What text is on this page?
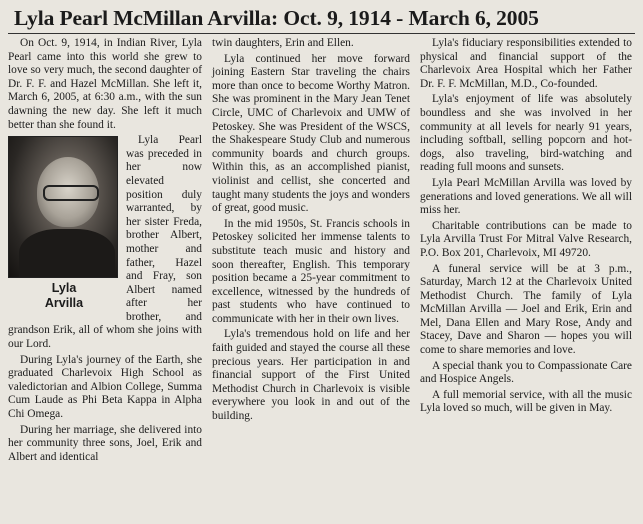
Lyla Pearl McMillan Arvilla: Oct. 9, 1914 - March 6, 2005

On Oct. 9, 1914, in Indian River, Lyla Pearl came into this world she grew to love so very much, the second daughter of Dr. F. F. and Hazel McMillan. She left it, March 6, 2005, at 6:30 a.m., with the sun dawning the new day. She left it much better than she found it.

Lyla
Arvilla

Lyla Pearl was preceded in her now elevated position duly warranted, by her sister Freda, brother Albert, mother and father, Hazel and Fray, son Albert named after her brother, and grandson Erik, all of whom she joins with our Lord.

During Lyla's journey of the Earth, she graduated Charlevoix High School as valedictorian and Albion College, Summa Cum Laude as Phi Beta Kappa in Alpha Chi Omega.

During her marriage, she delivered into her community three sons, Joel, Erik and Albert and identical

twin daughters, Erin and Ellen.

Lyla continued her move forward joining Eastern Star traveling the chairs more than once to become Worthy Matron. She was prominent in the Mary Jean Tenet Circle, UMC of Charlevoix and UMW of Petoskey. She was President of the WSCS, the Shakespeare Study Club and numerous community boards and church groups. Within this, as an accomplished pianist, violinist and cellist, she concerted and taught many students the joys and wonders of great, good music.

In the mid 1950s, St. Francis schools in Petoskey solicited her immense talents to substitute teach music and history and soon thereafter, English. This temporary position became a 25-year commitment to excellence, witnessed by the hundreds of past students who have continued to communicate with her in their own lives.

Lyla's tremendous hold on life and her faith guided and stayed the course all these precious years. Her participation in and financial support of the First United Methodist Church in Charlevoix is visible everywhere you look in and out of the building.

Lyla's fiduciary responsibilities extended to physical and financial support of the Charlevoix Area Hospital which her Father Dr. F. F. McMillan, M.D., Co-founded.

Lyla's enjoyment of life was absolutely boundless and she was involved in her community at all levels for nearly 91 years, including softball, selling popcorn and hot-dogs, also traveling, bird-watching and reading full moons and sunsets.

Lyla Pearl McMillan Arvilla was loved by generations and loved generations. We all will miss her.

Charitable contributions can be made to Lyla Arvilla Trust For Mitral Valve Research, P.O. Box 201, Charlevoix, MI 49720.

A funeral service will be at 3 p.m., Saturday, March 12 at the Charlevoix United Methodist Church. The family of Lyla McMillan Arvilla — Joel and Erik, Erin and Mel, Dana Ellen and Mary Rose, Andy and Stacey, Dave and Sharon — hopes you will come to share memories and love.

A special thank you to Compassionate Care and Hospice Angels.

A full memorial service, with all the music Lyla loved so much, will be given in May.
